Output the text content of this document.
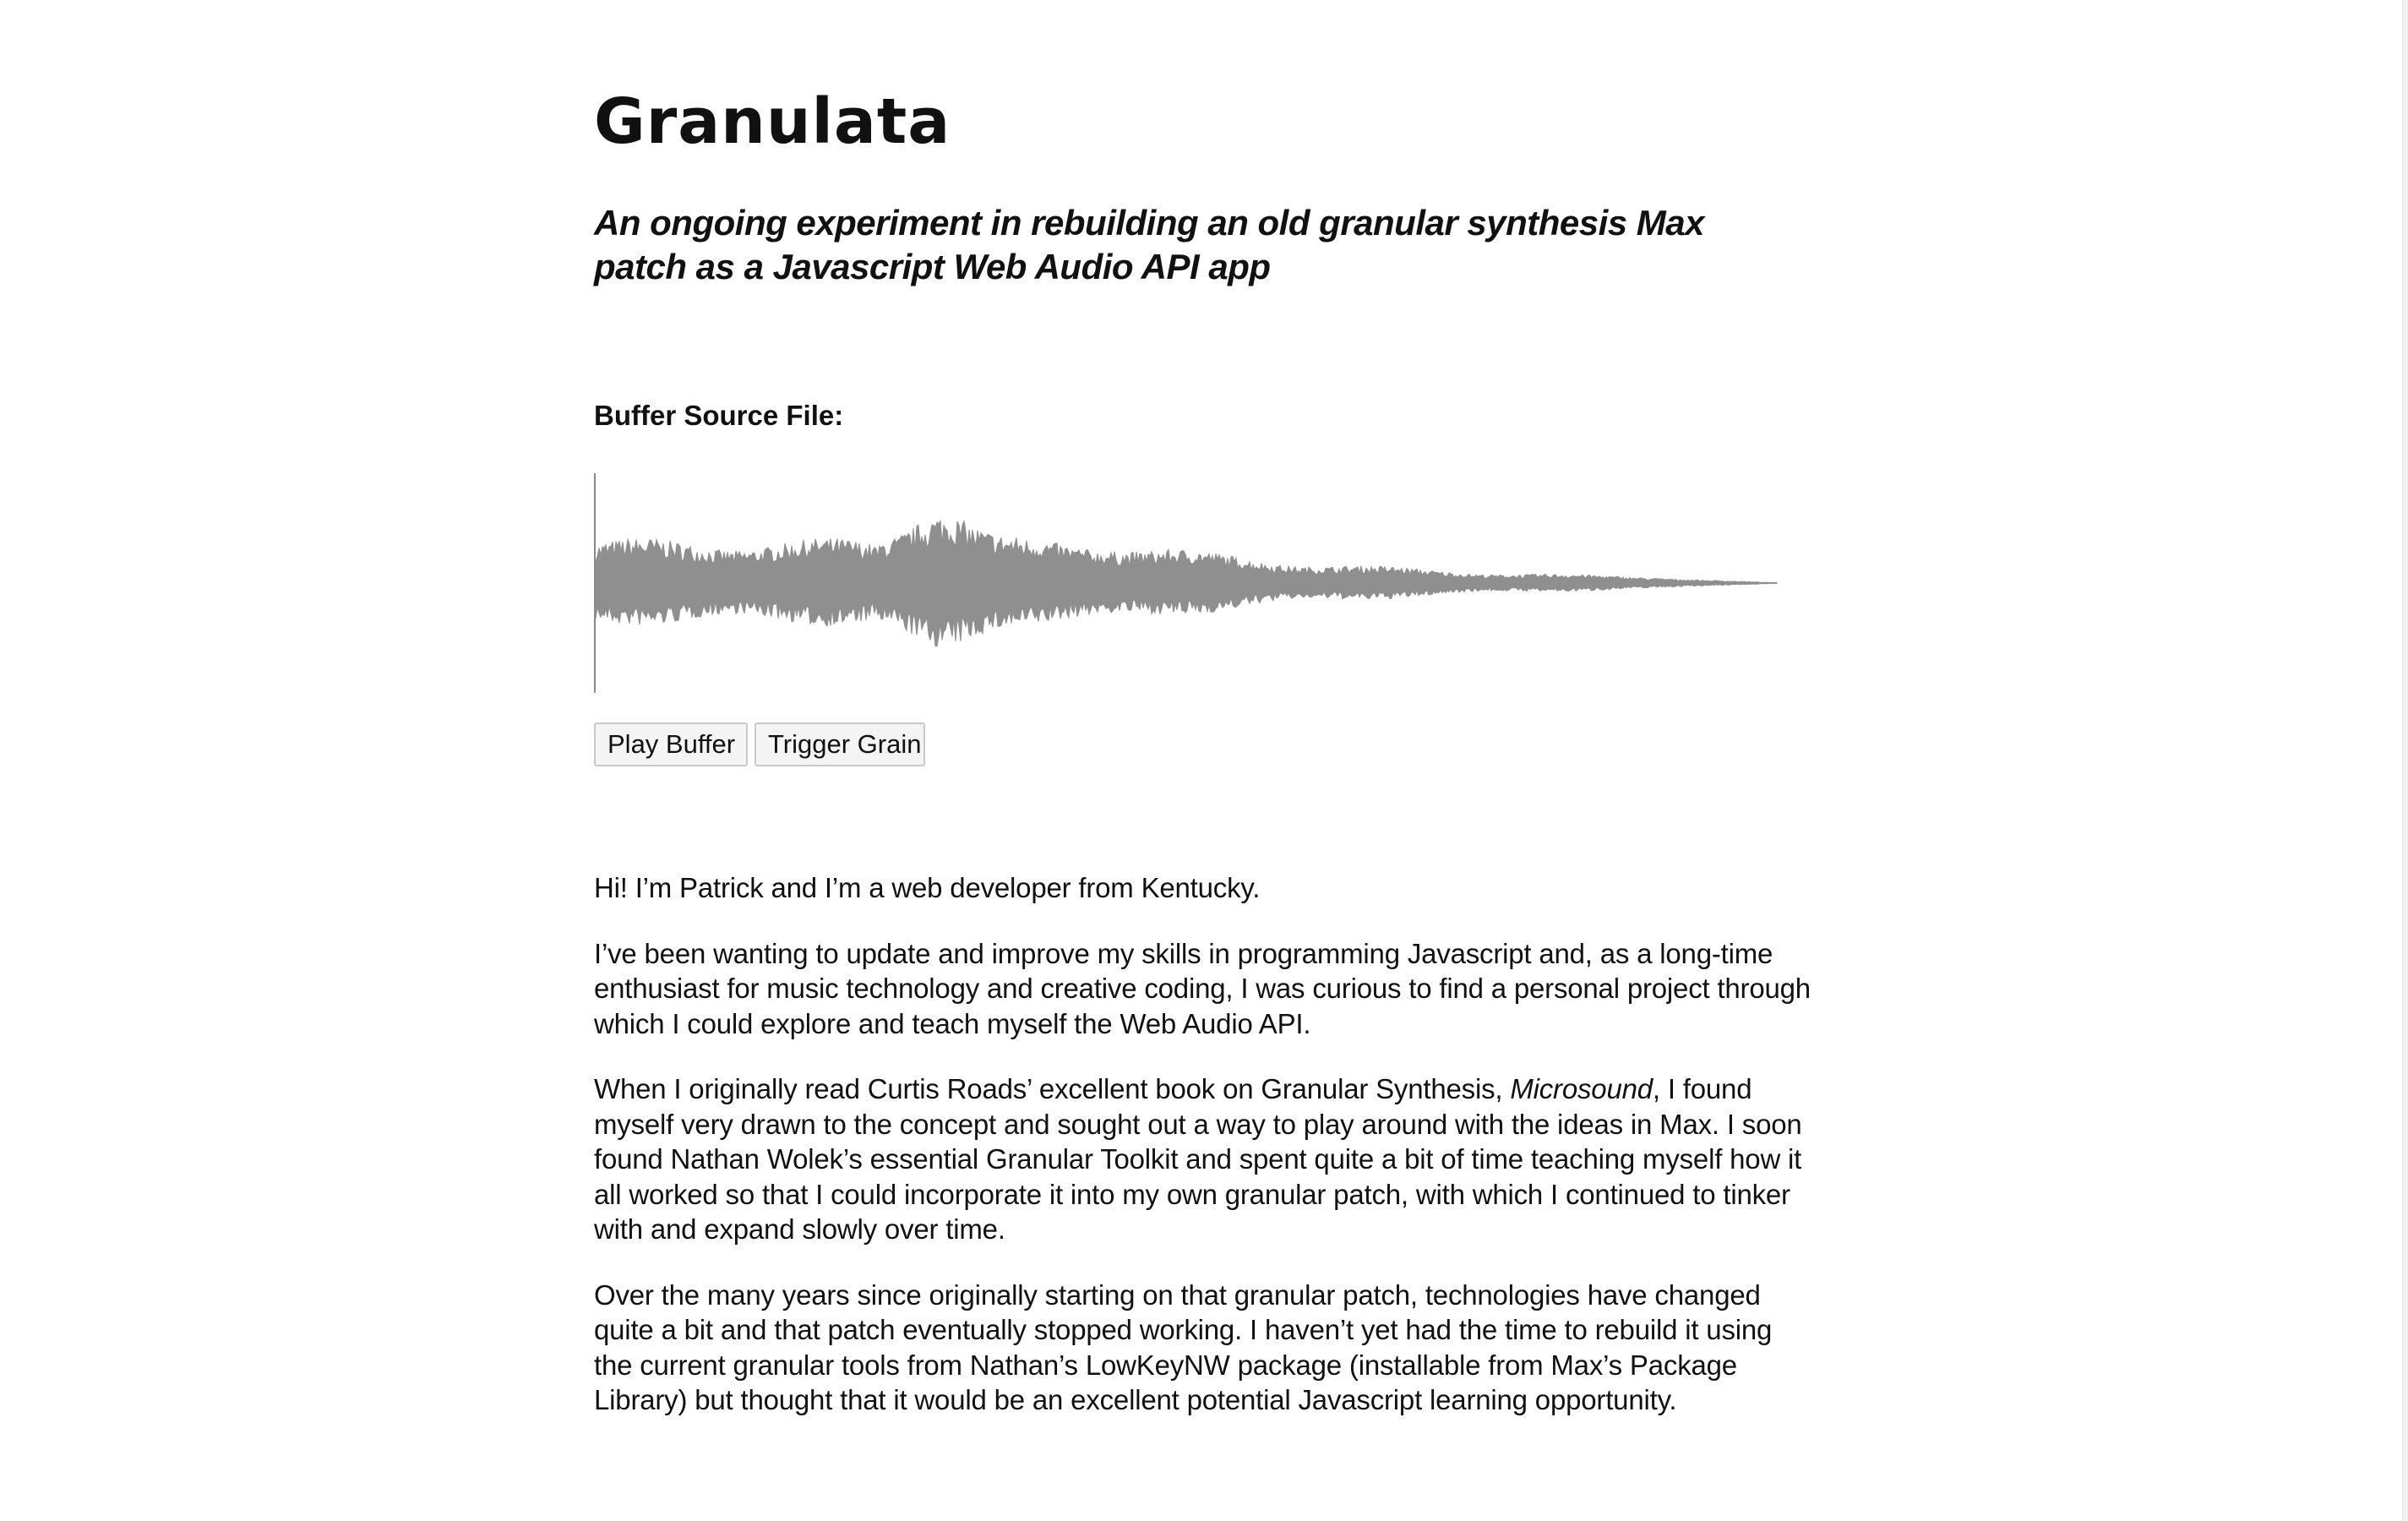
Granulata
An ongoing experiment in rebuilding an old granular synthesis Max patch as a Javascript Web Audio API app
Buffer Source File:
Play Buffer	Trigger Grain

Hi! I’m Patrick and I’m a web developer from Kentucky.

I’ve been wanting to update and improve my skills in programming Javascript and, as a long-time enthusiast for music technology and creative coding, I was curious to find a personal project through which I could explore and teach myself the Web Audio API.

When I originally read Curtis Roads’ excellent book on Granular Synthesis, Microsound, I found myself very drawn to the concept and sought out a way to play around with the ideas in Max. I soon found Nathan Wolek’s essential Granular Toolkit and spent quite a bit of time teaching myself how it all worked so that I could incorporate it into my own granular patch, with which I continued to tinker with and expand slowly over time.

Over the many years since originally starting on that granular patch, technologies have changed quite a bit and that patch eventually stopped working. I haven’t yet had the time to rebuild it using the current granular tools from Nathan’s LowKeyNW package (installable from Max’s Package Library) but thought that it would be an excellent potential Javascript learning opportunity.
